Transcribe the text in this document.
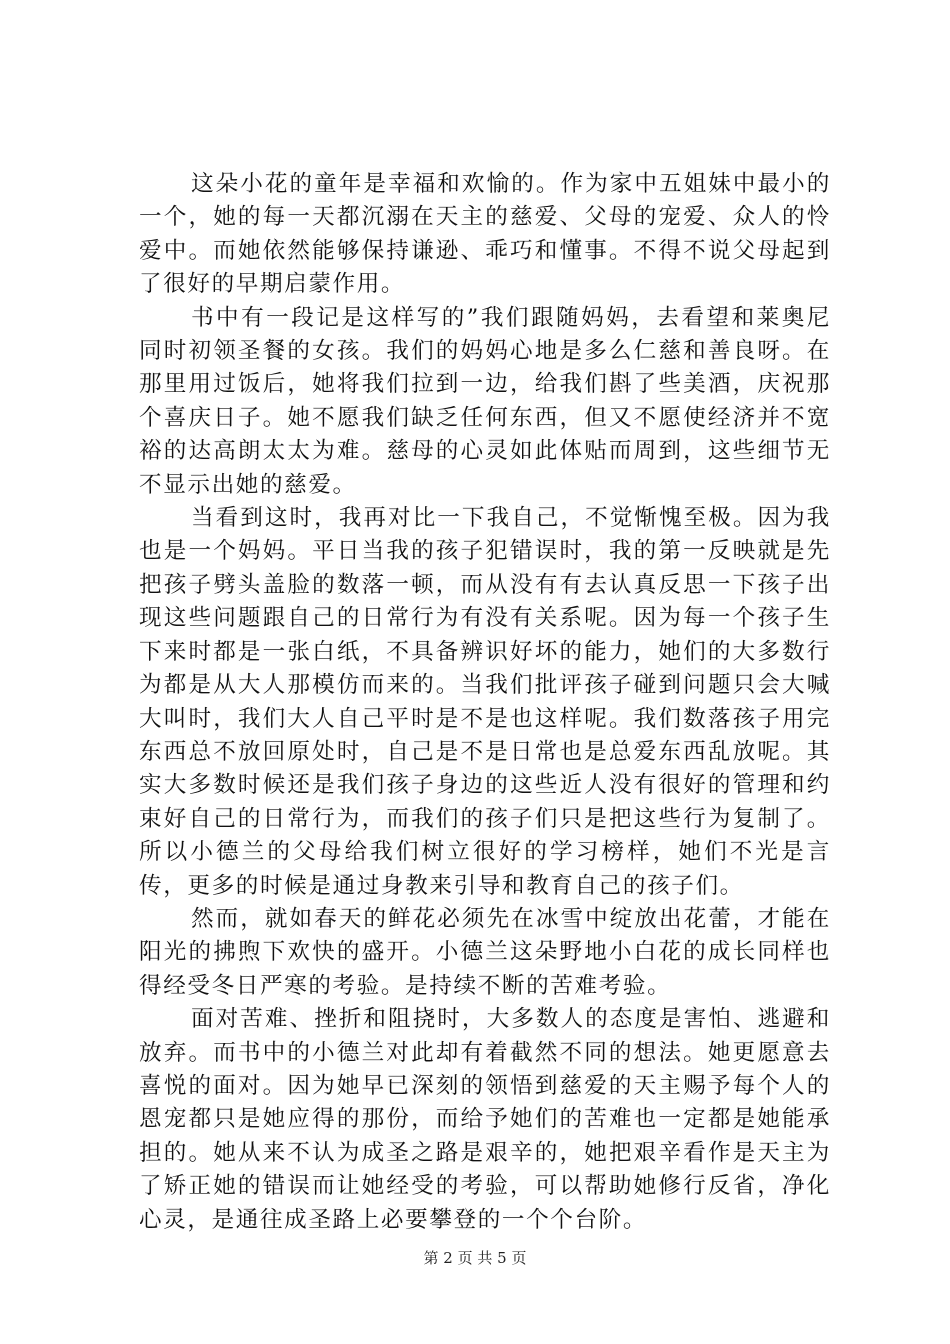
这朵小花的童年是幸福和欢愉的。作为家中五姐妹中最小的一个，她的每一天都沉溺在天主的慈爱、父母的宠爱、众人的怜爱中。而她依然能够保持谦逊、乖巧和懂事。不得不说父母起到了很好的早期启蒙作用。

书中有一段记是这样写的”我们跟随妈妈，去看望和莱奥尼同时初领圣餐的女孩。我们的妈妈心地是多么仁慈和善良呀。在那里用过饭后，她将我们拉到一边，给我们斟了些美酒，庆祝那个喜庆日子。她不愿我们缺乏任何东西，但又不愿使经济并不宽裕的达高朗太太为难。慈母的心灵如此体贴而周到，这些细节无不显示出她的慈爱。

当看到这时，我再对比一下我自己，不觉惭愧至极。因为我也是一个妈妈。平日当我的孩子犯错误时，我的第一反映就是先把孩子劈头盖脸的数落一顿，而从没有有去认真反思一下孩子出现这些问题跟自己的日常行为有没有关系呢。因为每一个孩子生下来时都是一张白纸，不具备辨识好坏的能力，她们的大多数行为都是从大人那模仿而来的。当我们批评孩子碰到问题只会大喊大叫时，我们大人自己平时是不是也这样呢。我们数落孩子用完东西总不放回原处时，自己是不是日常也是总爱东西乱放呢。其实大多数时候还是我们孩子身边的这些近人没有很好的管理和约束好自己的日常行为，而我们的孩子们只是把这些行为复制了。所以小德兰的父母给我们树立很好的学习榜样，她们不光是言传，更多的时候是通过身教来引导和教育自己的孩子们。

然而，就如春天的鲜花必须先在冰雪中绽放出花蕾，才能在阳光的拂煦下欢快的盛开。小德兰这朵野地小白花的成长同样也得经受冬日严寒的考验。是持续不断的苦难考验。

面对苦难、挫折和阻挠时，大多数人的态度是害怕、逃避和放弃。而书中的小德兰对此却有着截然不同的想法。她更愿意去喜悦的面对。因为她早已深刻的领悟到慈爱的天主赐予每个人的恩宠都只是她应得的那份，而给予她们的苦难也一定都是她能承担的。她从来不认为成圣之路是艰辛的，她把艰辛看作是天主为了矫正她的错误而让她经受的考验，可以帮助她修行反省，净化心灵，是通往成圣路上必要攀登的一个个台阶。

第 2 页 共 5 页
